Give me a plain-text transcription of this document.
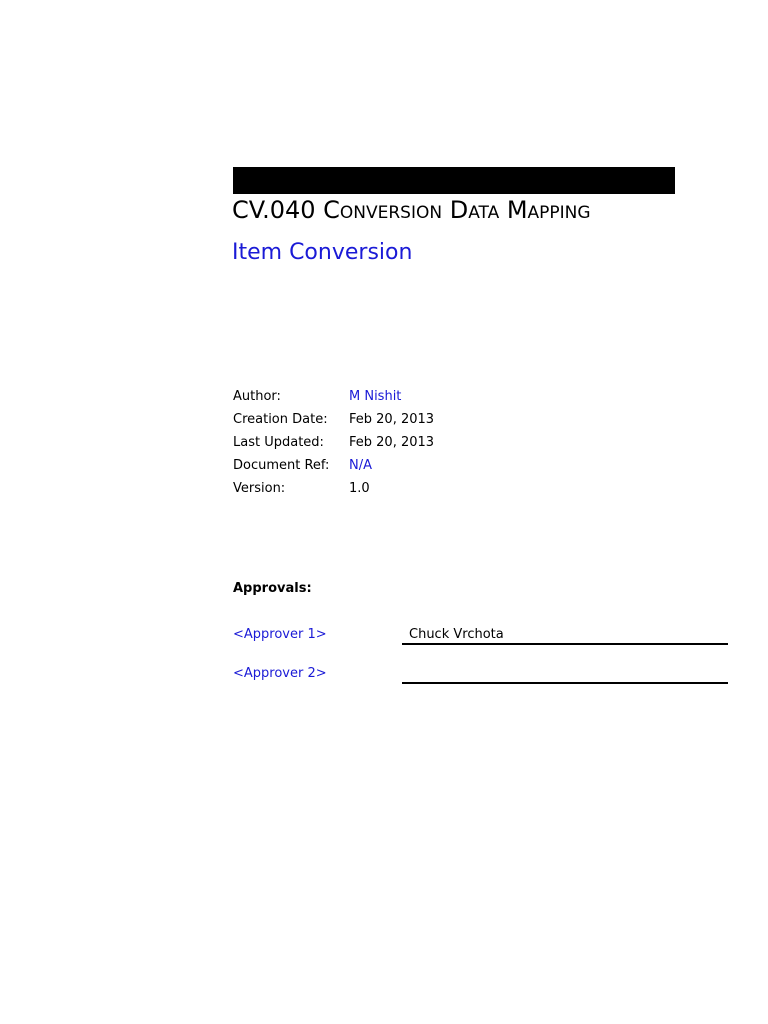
CV.040 Conversion Data Mapping
Item Conversion
Author:	M Nishit
Creation Date:	Feb 20, 2013
Last Updated:	Feb 20, 2013
Document Ref:	N/A
Version:	1.0
Approvals:
<Approver 1>	Chuck Vrchota
<Approver 2>
